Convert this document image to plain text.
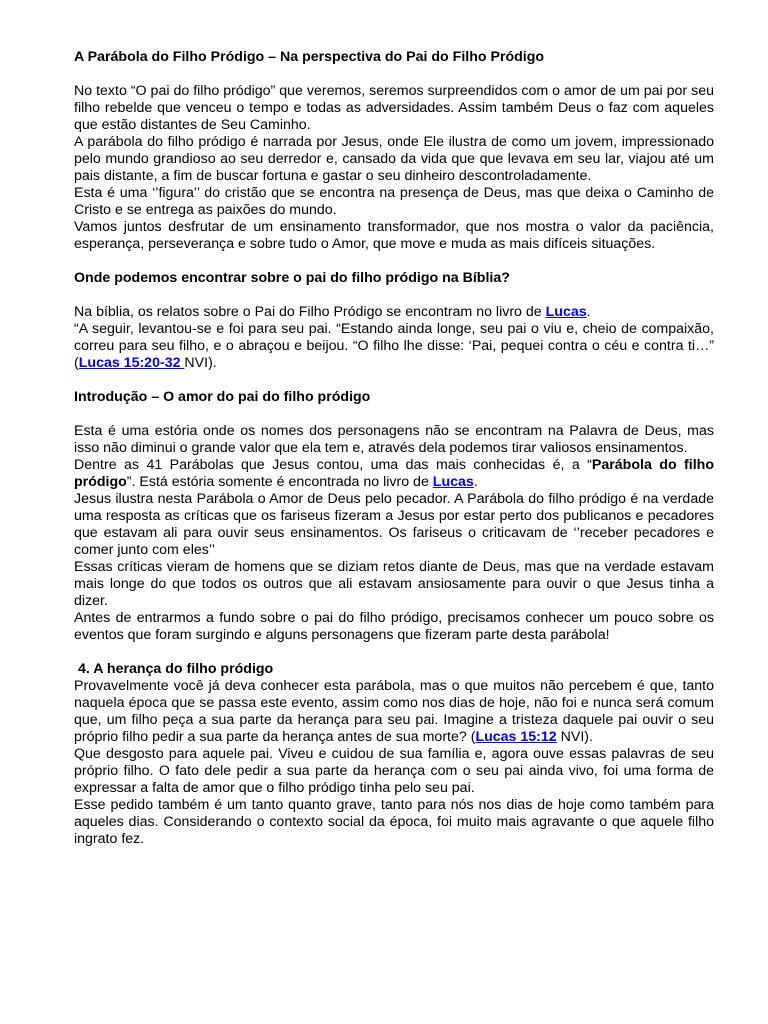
A Parábola do Filho Pródigo – Na perspectiva do Pai do Filho Pródigo

No texto “O pai do filho pródigo” que veremos, seremos surpreendidos com o amor de um pai por seu filho rebelde que venceu o tempo e todas as adversidades. Assim também Deus o faz com aqueles que estão distantes de Seu Caminho.

A parábola do filho pródigo é narrada por Jesus, onde Ele ilustra de como um jovem, impressionado pelo mundo grandioso ao seu derredor e, cansado da vida que que levava em seu lar, viajou até um pais distante, a fim de buscar fortuna e gastar o seu dinheiro descontroladamente.

Esta é uma ‘’figura’’ do cristão que se encontra na presença de Deus, mas que deixa o Caminho de Cristo e se entrega as paixões do mundo.

Vamos juntos desfrutar de um ensinamento transformador, que nos mostra o valor da paciência, esperança, perseverança e sobre tudo o Amor, que move e muda as mais difíceis situações.

Onde podemos encontrar sobre o pai do filho pródigo na Bíblia?

Na bíblia, os relatos sobre o Pai do Filho Pródigo se encontram no livro de Lucas.

“A seguir, levantou-se e foi para seu pai. “Estando ainda longe, seu pai o viu e, cheio de compaixão, correu para seu filho, e o abraçou e beijou. “O filho lhe disse: ‘Pai, pequei contra o céu e contra ti…” (Lucas 15:20-32 NVI).

Introdução – O amor do pai do filho pródigo

Esta é uma estória onde os nomes dos personagens não se encontram na Palavra de Deus, mas isso não diminui o grande valor que ela tem e, através dela podemos tirar valiosos ensinamentos.

Dentre as 41 Parábolas que Jesus contou, uma das mais conhecidas é, a “Parábola do filho pródigo”. Está estória somente é encontrada no livro de Lucas.

Jesus ilustra nesta Parábola o Amor de Deus pelo pecador. A Parábola do filho pródigo é na verdade uma resposta as críticas que os fariseus fizeram a Jesus por estar perto dos publicanos e pecadores que estavam ali para ouvir seus ensinamentos. Os fariseus o criticavam de ‘’receber pecadores e comer junto com eles’’

Essas críticas vieram de homens que se diziam retos diante de Deus, mas que na verdade estavam mais longe do que todos os outros que ali estavam ansiosamente para ouvir o que Jesus tinha a dizer.

Antes de entrarmos a fundo sobre o pai do filho pródigo, precisamos conhecer um pouco sobre os eventos que foram surgindo e alguns personagens que fizeram parte desta parábola!

4. A herança do filho pródigo

Provavelmente você já deva conhecer esta parábola, mas o que muitos não percebem é que, tanto naquela época que se passa este evento, assim como nos dias de hoje, não foi e nunca será comum que, um filho peça a sua parte da herança para seu pai. Imagine a tristeza daquele pai ouvir o seu próprio filho pedir a sua parte da herança antes de sua morte? (Lucas 15:12 NVI).

Que desgosto para aquele pai. Viveu e cuidou de sua família e, agora ouve essas palavras de seu próprio filho. O fato dele pedir a sua parte da herança com o seu pai ainda vivo, foi uma forma de expressar a falta de amor que o filho pródigo tinha pelo seu pai.

Esse pedido também é um tanto quanto grave, tanto para nós nos dias de hoje como também para aqueles dias. Considerando o contexto social da época, foi muito mais agravante o que aquele filho ingrato fez.
